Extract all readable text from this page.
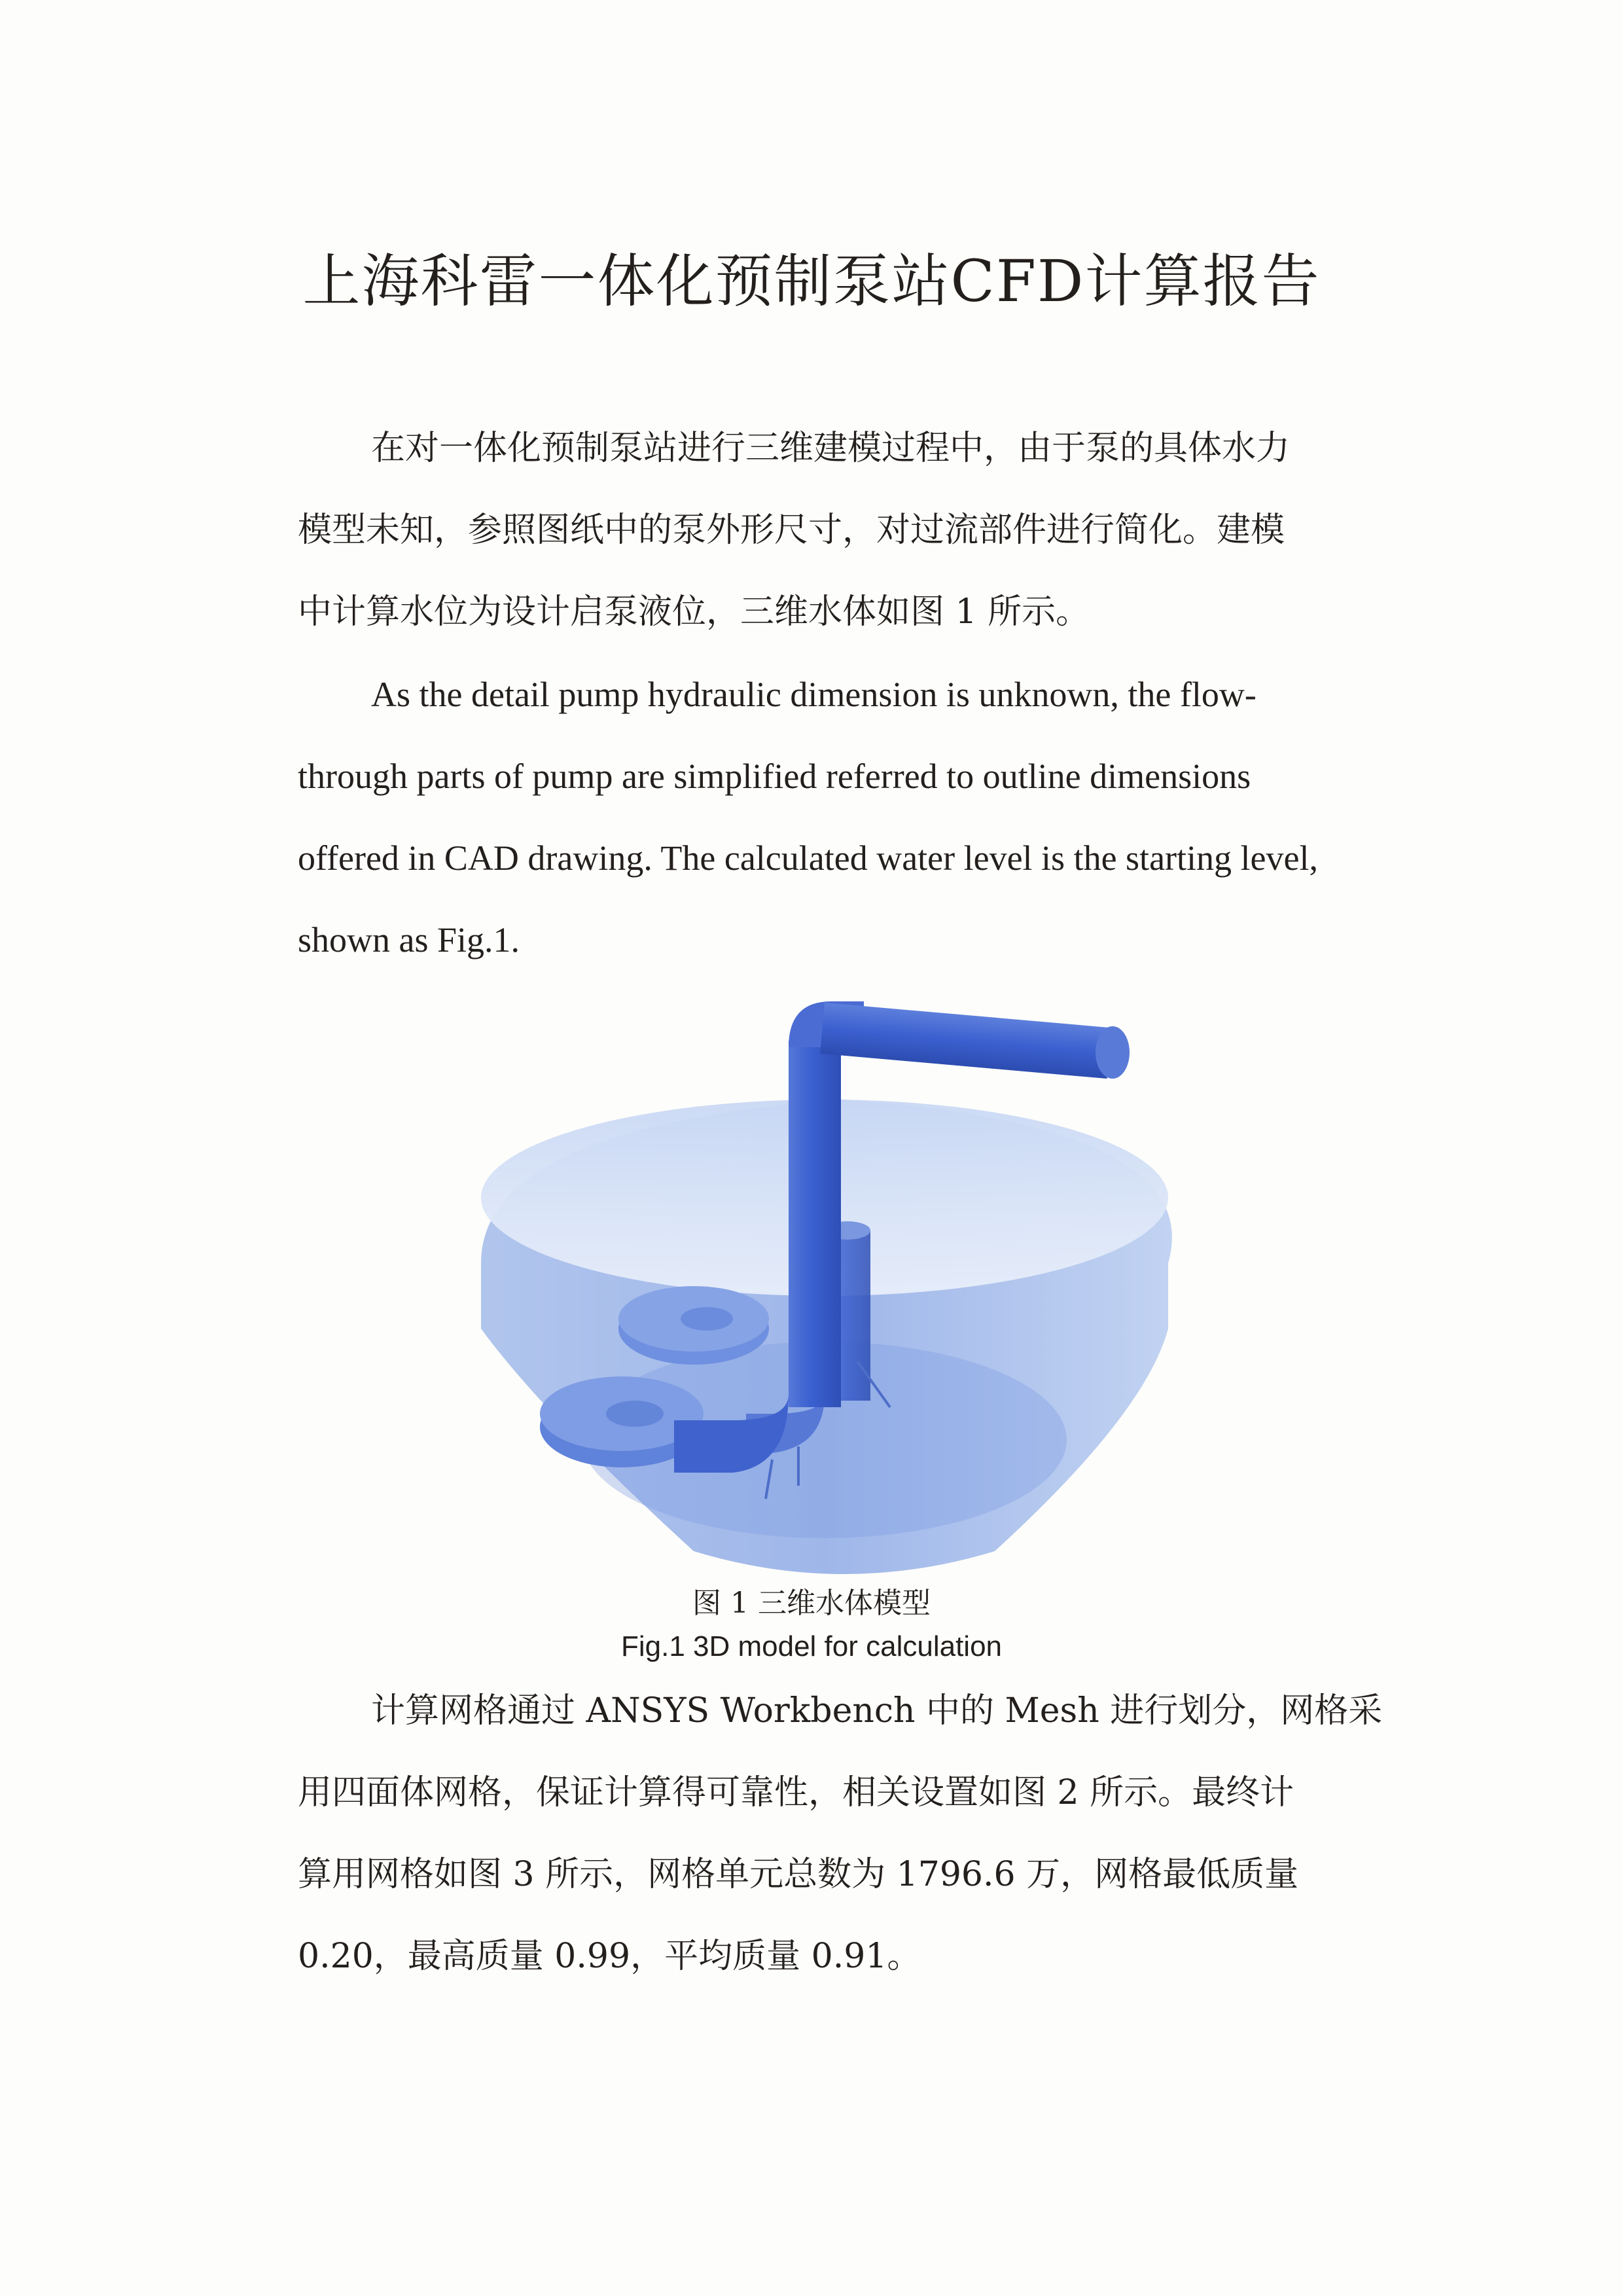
上海科雷一体化预制泵站CFD计算报告

在对一体化预制泵站进行三维建模过程中，由于泵的具体水力
模型未知，参照图纸中的泵外形尺寸，对过流部件进行简化。建模
中计算水位为设计启泵液位，三维水体如图 1 所示。

As the detail pump hydraulic dimension is unknown, the flow-
through parts of pump are simplified referred to outline dimensions
offered in CAD drawing. The calculated water level is the starting level,
shown as Fig.1.

图 1 三维水体模型
Fig.1 3D model for calculation

计算网格通过 ANSYS Workbench 中的 Mesh 进行划分，网格采
用四面体网格，保证计算得可靠性，相关设置如图 2 所示。最终计
算用网格如图 3 所示，网格单元总数为 1796.6 万，网格最低质量
0.20，最高质量 0.99，平均质量 0.91。
